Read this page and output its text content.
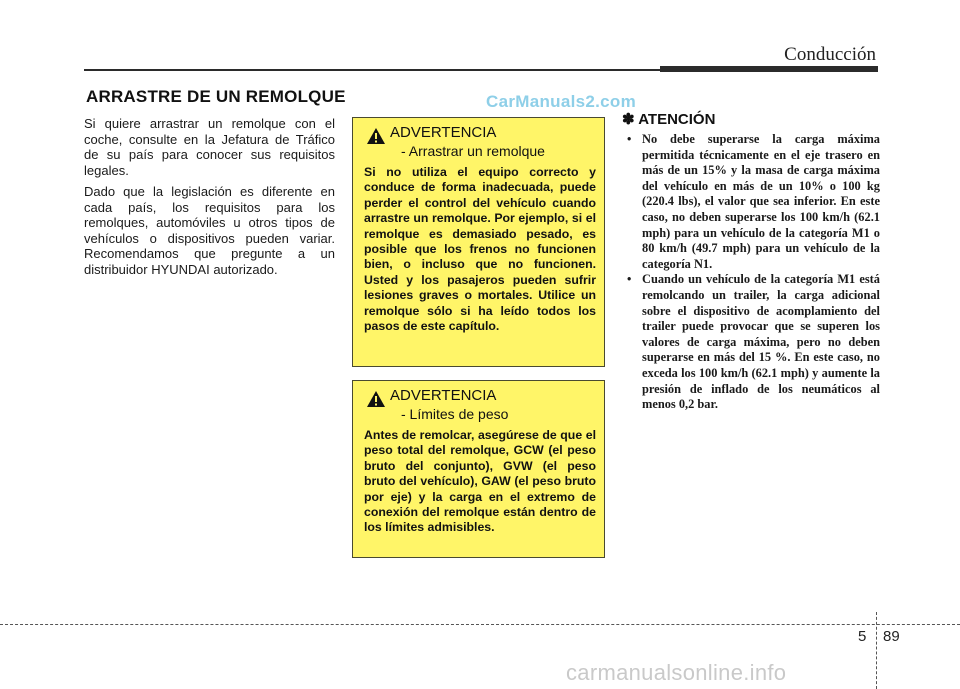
Conducción
ARRASTRE DE UN REMOLQUE	CarManuals2.com

Si quiere arrastrar un remolque con el coche, consulte en la Jefatura de Tráfico de su país para conocer sus requisitos legales.

Dado que la legislación es diferente en cada país, los requisitos para los remolques, automóviles u otros tipos de vehículos o dispositivos pueden variar. Recomendamos que pregunte a un distribuidor HYUNDAI autorizado.

ADVERTENCIA
- Arrastrar un remolque
Si no utiliza el equipo correcto y conduce de forma inadecuada, puede perder el control del vehículo cuando arrastre un remolque. Por ejemplo, si el remolque es demasiado pesado, es posible que los frenos no funcionen bien, o incluso que no funcionen. Usted y los pasajeros pueden sufrir lesiones graves o mortales. Utilice un remolque sólo si ha leído todos los pasos de este capítulo.
ADVERTENCIA
- Límites de peso
Antes de remolcar, asegúrese de que el peso total del remolque, GCW (el peso bruto del conjunto), GVW (el peso bruto del vehículo), GAW (el peso bruto por eje) y la carga en el extremo de conexión del remolque están dentro de los límites admisibles.
✽ ATENCIÓN
• No debe superarse la carga máxima permitida técnicamente en el eje trasero en más de un 15% y la masa de carga máxima del vehículo en más de un 10% o 100 kg (220.4 lbs), el valor que sea inferior. En este caso, no deben superarse los 100 km/h (62.1 mph) para un vehículo de la categoría M1 o 80 km/h (49.7 mph) para un vehículo de la categoría N1.
• Cuando un vehículo de la categoría M1 está remolcando un trailer, la carga adicional sobre el dispositivo de acomplamiento del trailer puede provocar que se superen los valores de carga máxima, pero no deben superarse en más del 15 %. En este caso, no exceda los 100 km/h (62.1 mph) y aumente la presión de inflado de los neumáticos al menos 0,2 bar.
5 89
carmanualsonline.info
